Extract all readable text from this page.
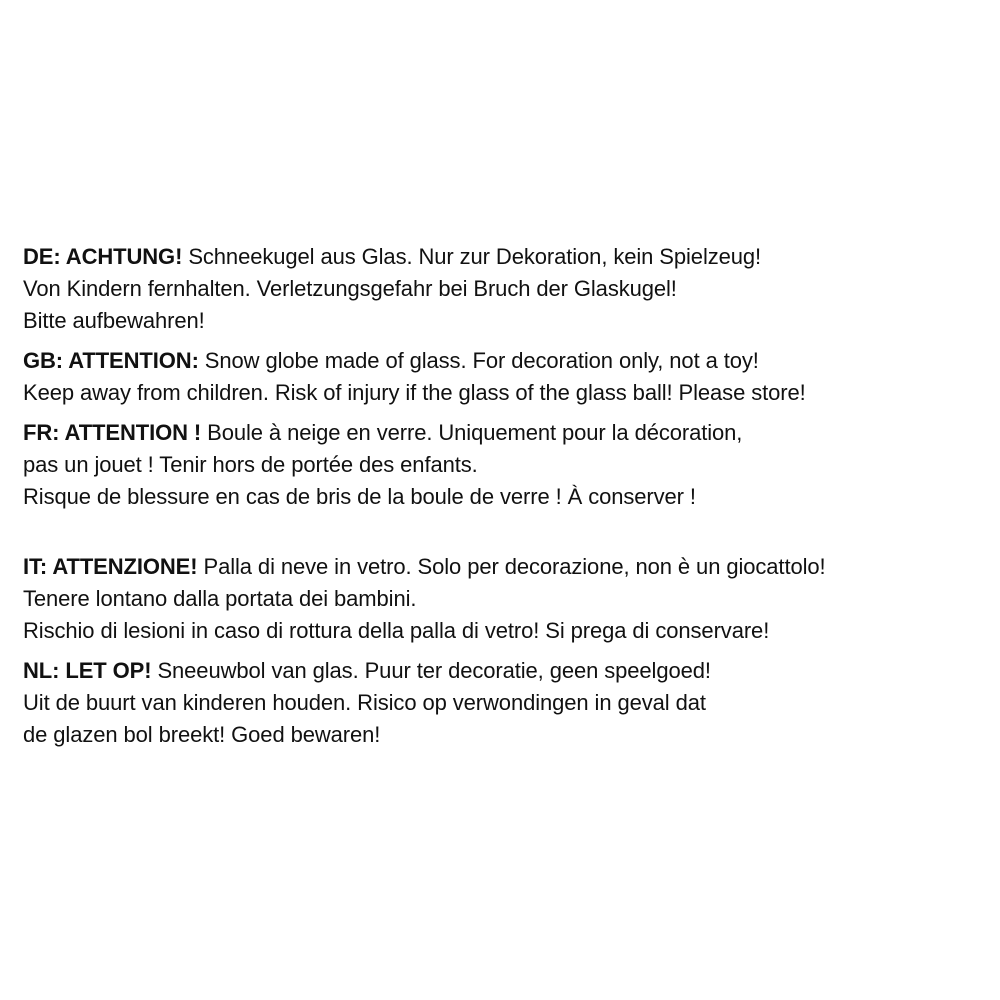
DE: ACHTUNG! Schneekugel aus Glas. Nur zur Dekoration, kein Spielzeug!
Von Kindern fernhalten. Verletzungsgefahr bei Bruch der Glaskugel!
Bitte aufbewahren!
GB: ATTENTION: Snow globe made of glass. For decoration only, not a toy!
Keep away from children. Risk of injury if the glass of the glass ball! Please store!
FR: ATTENTION ! Boule à neige en verre. Uniquement pour la décoration,
pas un jouet ! Tenir hors de portée des enfants.
Risque de blessure en cas de bris de la boule de verre ! À conserver !
IT: ATTENZIONE! Palla di neve in vetro. Solo per decorazione, non è un giocattolo!
Tenere lontano dalla portata dei bambini.
Rischio di lesioni in caso di rottura della palla di vetro! Si prega di conservare!
NL: LET OP! Sneeuwbol van glas. Puur ter decoratie, geen speelgoed!
Uit de buurt van kinderen houden. Risico op verwondingen in geval dat
de glazen bol breekt! Goed bewaren!
